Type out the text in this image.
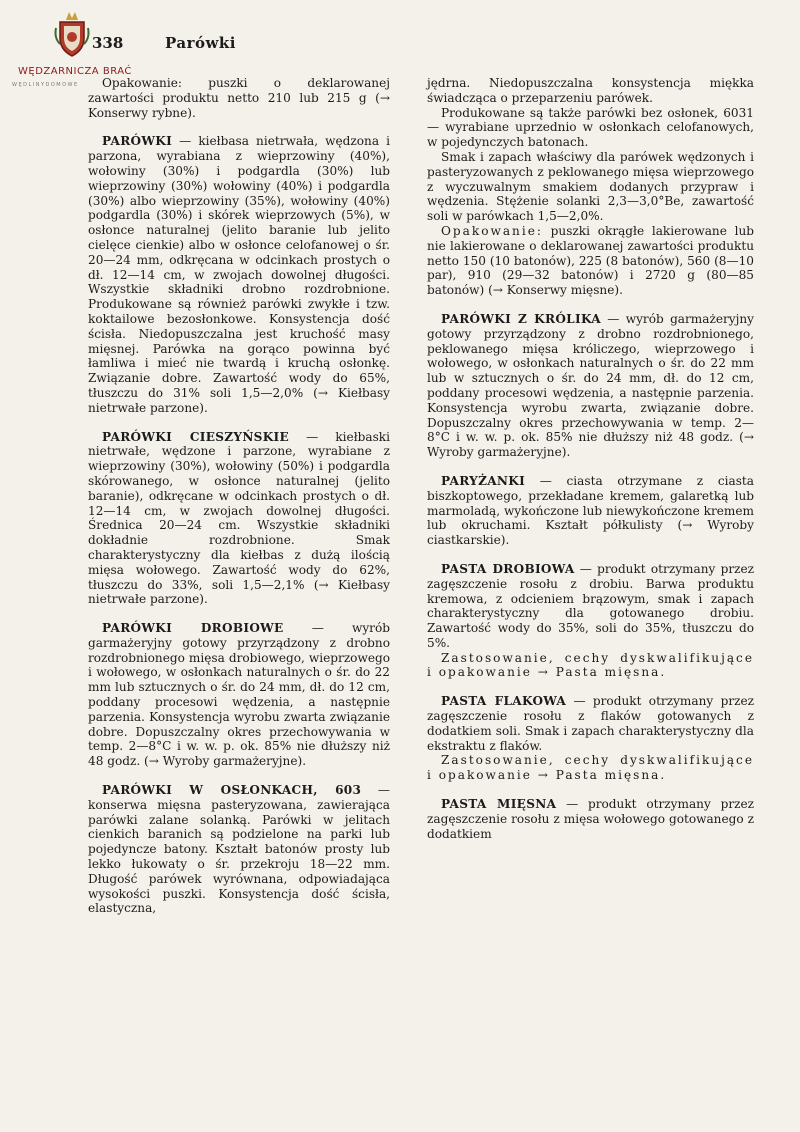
WĘDZARNICZA BRAĆ
WĘDLINYDOMOWE
338	Parówki

Opakowanie: puszki o deklarowanej zawartości produktu netto 210 lub 215 g (→ Konserwy rybne).

PARÓWKI — kiełbasa nietrwała, wędzona i parzona, wyrabiana z wieprzowiny (40%), wołowiny (30%) i podgardla (30%) lub wieprzowiny (30%) wołowiny (40%) i podgardla (30%) albo wieprzowiny (35%), wołowiny (40%) podgardla (30%) i skórek wieprzowych (5%), w osłonce naturalnej (jelito baranie lub jelito cielęce cienkie) albo w osłonce celofanowej o śr. 20—24 mm, odkręcana w odcinkach prostych o dł. 12—14 cm, w zwojach dowolnej długości. Wszystkie składniki drobno rozdrobnione. Produkowane są również parówki zwykłe i tzw. koktailowe bezosłonkowe. Konsystencja dość ścisła. Niedopuszczalna jest kruchość masy mięsnej. Parówka na gorąco powinna być łamliwa i mieć nie twardą i kruchą osłonkę. Związanie dobre. Zawartość wody do 65%, tłuszczu do 31% soli 1,5—2,0% (→ Kiełbasy nietrwałe parzone).

PARÓWKI CIESZYŃSKIE — kiełbaski nietrwałe, wędzone i parzone, wyrabiane z wieprzowiny (30%), wołowiny (50%) i podgardla skórowanego, w osłonce naturalnej (jelito baranie), odkręcane w odcinkach prostych o dł. 12—14 cm, w zwojach dowolnej długości. Średnica 20—24 cm. Wszystkie składniki dokładnie rozdrobnione. Smak charakterystyczny dla kiełbas z dużą ilością mięsa wołowego. Zawartość wody do 62%, tłuszczu do 33%, soli 1,5—2,1% (→ Kiełbasy nietrwałe parzone).

PARÓWKI DROBIOWE — wyrób garmażeryjny gotowy przyrządzony z drobno rozdrobnionego mięsa drobiowego, wieprzowego i wołowego, w osłonkach naturalnych o śr. do 22 mm lub sztucznych o śr. do 24 mm, dł. do 12 cm, poddany procesowi wędzenia, a następnie parzenia. Konsystencja wyrobu zwarta związanie dobre. Dopuszczalny okres przechowywania w temp. 2—8°C i w. w. p. ok. 85% nie dłuższy niż 48 godz. (→ Wyroby garmażeryjne).

PARÓWKI W OSŁONKACH, 603 — konserwa mięsna pasteryzowana, zawierająca parówki zalane solanką. Parówki w jelitach cienkich baranich są podzielone na parki lub pojedyncze batony. Kształt batonów prosty lub lekko łukowaty o śr. przekroju 18—22 mm. Długość parówek wyrównana, odpowiadająca wysokości puszki. Konsystencja dość ścisła, elastyczna,

jędrna. Niedopuszczalna konsystencja miękka świadcząca o przeparzeniu parówek.

Produkowane są także parówki bez osłonek, 6031 — wyrabiane uprzednio w osłonkach celofanowych, w pojedynczych batonach.

Smak i zapach właściwy dla parówek wędzonych i pasteryzowanych z peklowanego mięsa wieprzowego z wyczuwalnym smakiem dodanych przypraw i wędzenia. Stężenie solanki 2,3—3,0°Be, zawartość soli w parówkach 1,5—2,0%.

Opakowanie: puszki okrągłe lakierowane lub nie lakierowane o deklarowanej zawartości produktu netto 150 (10 batonów), 225 (8 batonów), 560 (8—10 par), 910 (29—32 batonów) i 2720 g (80—85 batonów) (→ Konserwy mięsne).

PARÓWKI Z KRÓLIKA — wyrób garmażeryjny gotowy przyrządzony z drobno rozdrobnionego, peklowanego mięsa króliczego, wieprzowego i wołowego, w osłonkach naturalnych o śr. do 22 mm lub w sztucznych o śr. do 24 mm, dł. do 12 cm, poddany procesowi wędzenia, a następnie parzenia. Konsystencja wyrobu zwarta, związanie dobre. Dopuszczalny okres przechowywania w temp. 2—8°C i w. w. p. ok. 85% nie dłuższy niż 48 godz. (→ Wyroby garmażeryjne).

PARYŻANKI — ciasta otrzymane z ciasta biszkoptowego, przekładane kremem, galaretką lub marmoladą, wykończone lub niewykończone kremem lub okruchami. Kształt półkulisty (→ Wyroby ciastkarskie).

PASTA DROBIOWA — produkt otrzymany przez zagęszczenie rosołu z drobiu. Barwa produktu kremowa, z odcieniem brązowym, smak i zapach charakterystyczny dla gotowanego drobiu. Zawartość wody do 35%, soli do 35%, tłuszczu do 5%.

Zastosowanie, cechy dyskwalifikujące i opakowanie → Pasta mięsna.

PASTA FLAKOWA — produkt otrzymany przez zagęszczenie rosołu z flaków gotowanych z dodatkiem soli. Smak i zapach charakterystyczny dla ekstraktu z flaków.

Zastosowanie, cechy dyskwalifikujące i opakowanie → Pasta mięsna.

PASTA MIĘSNA — produkt otrzymany przez zagęszczenie rosołu z mięsa wołowego gotowanego z dodatkiem
